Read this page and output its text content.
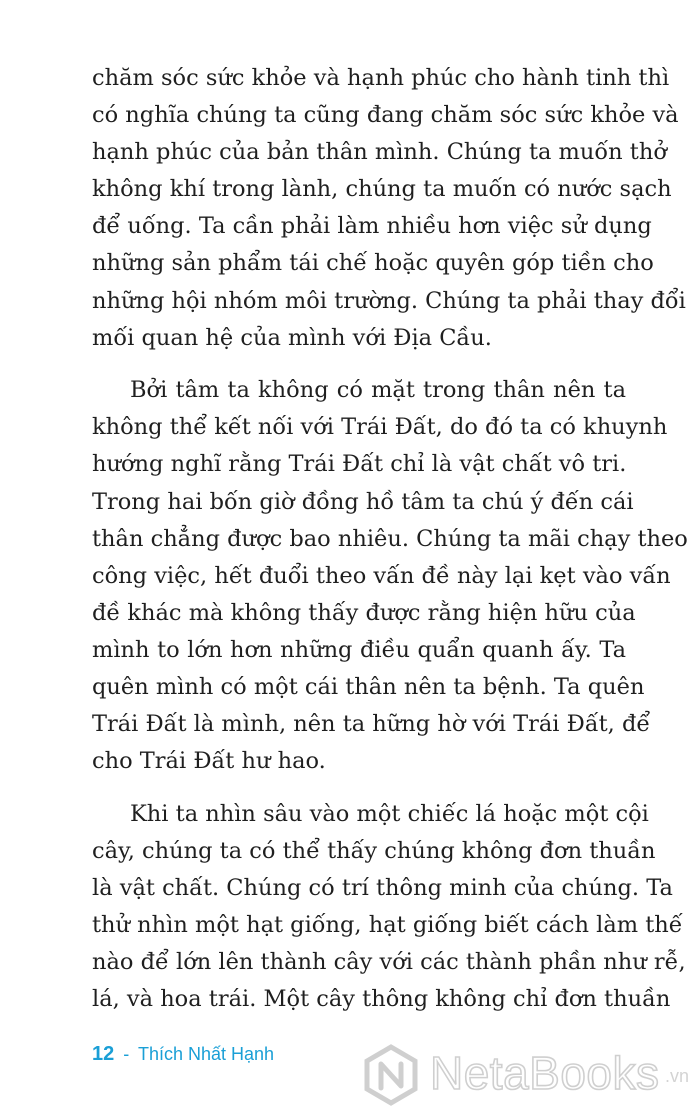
chăm sóc sức khỏe và hạnh phúc cho hành tinh thì
có nghĩa chúng ta cũng đang chăm sóc sức khỏe và
hạnh phúc của bản thân mình. Chúng ta muốn thở
không khí trong lành, chúng ta muốn có nước sạch
để uống. Ta cần phải làm nhiều hơn việc sử dụng
những sản phẩm tái chế hoặc quyên góp tiền cho
những hội nhóm môi trường. Chúng ta phải thay đổi
mối quan hệ của mình với Địa Cầu.
Bởi tâm ta không có mặt trong thân nên ta
không thể kết nối với Trái Đất, do đó ta có khuynh
hướng nghĩ rằng Trái Đất chỉ là vật chất vô tri.
Trong hai bốn giờ đồng hồ tâm ta chú ý đến cái
thân chẳng được bao nhiêu. Chúng ta mãi chạy theo
công việc, hết đuổi theo vấn đề này lại kẹt vào vấn
đề khác mà không thấy được rằng hiện hữu của
mình to lớn hơn những điều quẩn quanh ấy. Ta
quên mình có một cái thân nên ta bệnh. Ta quên
Trái Đất là mình, nên ta hững hờ với Trái Đất, để
cho Trái Đất hư hao.
Khi ta nhìn sâu vào một chiếc lá hoặc một cội
cây, chúng ta có thể thấy chúng không đơn thuần
là vật chất. Chúng có trí thông minh của chúng. Ta
thử nhìn một hạt giống, hạt giống biết cách làm thế
nào để lớn lên thành cây với các thành phần như rễ,
lá, và hoa trái. Một cây thông không chỉ đơn thuần
12 - Thích Nhất Hạnh	NetaBooks .vn
